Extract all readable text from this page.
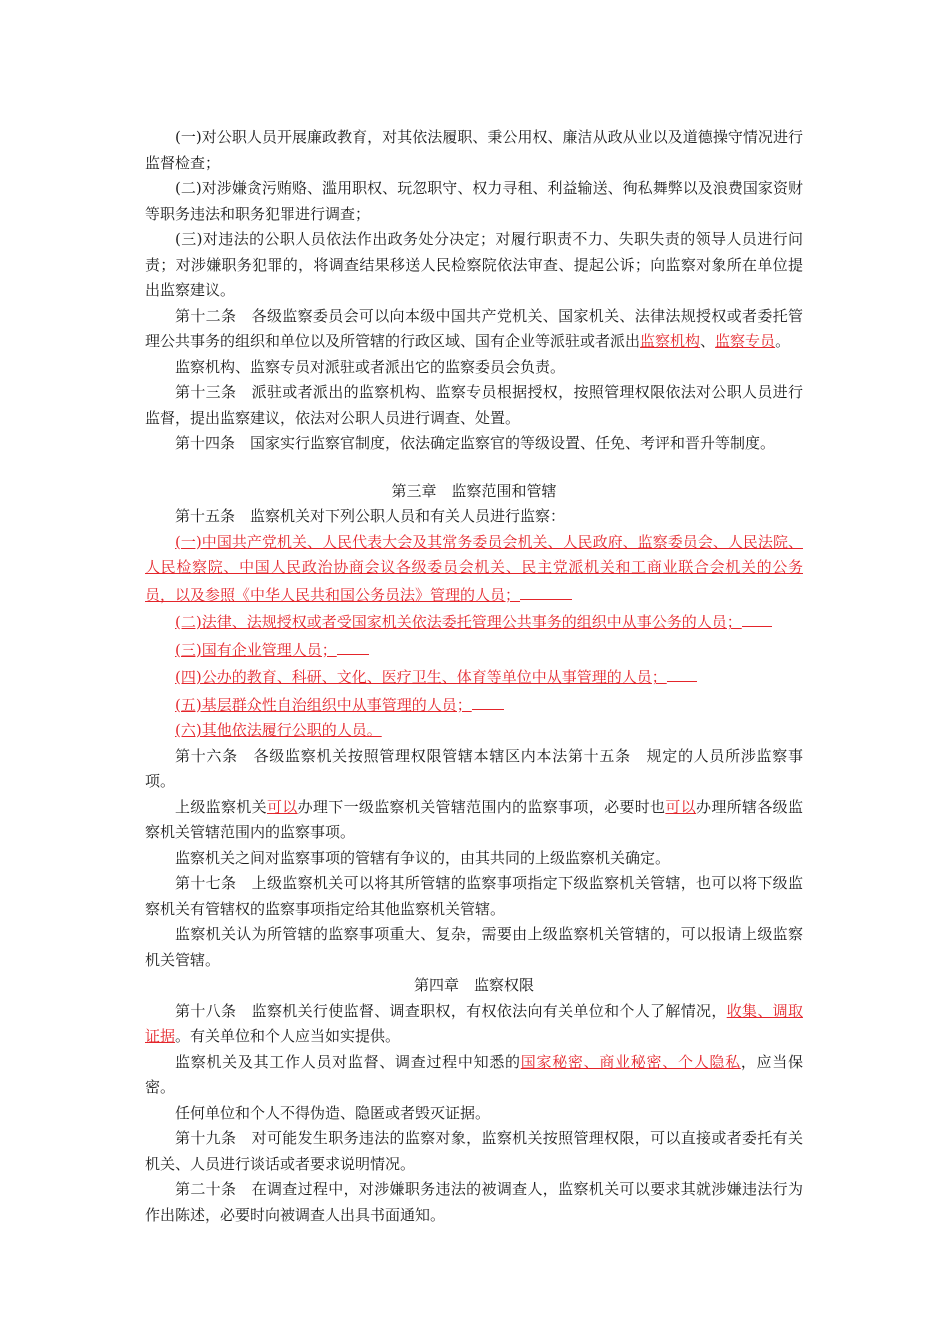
(一)对公职人员开展廉政教育，对其依法履职、秉公用权、廉洁从政从业以及道德操守情况进行监督检查；

(二)对涉嫌贪污贿赂、滥用职权、玩忽职守、权力寻租、利益输送、徇私舞弊以及浪费国家资财等职务违法和职务犯罪进行调查；

(三)对违法的公职人员依法作出政务处分决定；对履行职责不力、失职失责的领导人员进行问责；对涉嫌职务犯罪的，将调查结果移送人民检察院依法审查、提起公诉；向监察对象所在单位提出监察建议。

第十二条　各级监察委员会可以向本级中国共产党机关、国家机关、法律法规授权或者委托管理公共事务的组织和单位以及所管辖的行政区域、国有企业等派驻或者派出监察机构、监察专员。

监察机构、监察专员对派驻或者派出它的监察委员会负责。

第十三条　派驻或者派出的监察机构、监察专员根据授权，按照管理权限依法对公职人员进行监督，提出监察建议，依法对公职人员进行调查、处置。

第十四条　国家实行监察官制度，依法确定监察官的等级设置、任免、考评和晋升等制度。

第三章　监察范围和管辖

第十五条　监察机关对下列公职人员和有关人员进行监察：

(一)中国共产党机关、人民代表大会及其常务委员会机关、人民政府、监察委员会、人民法院、人民检察院、中国人民政治协商会议各级委员会机关、民主党派机关和工商业联合会机关的公务员，以及参照《中华人民共和国公务员法》管理的人员；

(二)法律、法规授权或者受国家机关依法委托管理公共事务的组织中从事公务的人员；

(三)国有企业管理人员；

(四)公办的教育、科研、文化、医疗卫生、体育等单位中从事管理的人员；

(五)基层群众性自治组织中从事管理的人员；

(六)其他依法履行公职的人员。

第十六条　各级监察机关按照管理权限管辖本辖区内本法第十五条　规定的人员所涉监察事项。

上级监察机关可以办理下一级监察机关管辖范围内的监察事项，必要时也可以办理所辖各级监察机关管辖范围内的监察事项。

监察机关之间对监察事项的管辖有争议的，由其共同的上级监察机关确定。

第十七条　上级监察机关可以将其所管辖的监察事项指定下级监察机关管辖，也可以将下级监察机关有管辖权的监察事项指定给其他监察机关管辖。

监察机关认为所管辖的监察事项重大、复杂，需要由上级监察机关管辖的，可以报请上级监察机关管辖。

第四章　监察权限

第十八条　监察机关行使监督、调查职权，有权依法向有关单位和个人了解情况，收集、调取证据。有关单位和个人应当如实提供。

监察机关及其工作人员对监督、调查过程中知悉的国家秘密、商业秘密、个人隐私，应当保密。

任何单位和个人不得伪造、隐匿或者毁灭证据。

第十九条　对可能发生职务违法的监察对象，监察机关按照管理权限，可以直接或者委托有关机关、人员进行谈话或者要求说明情况。

第二十条　在调查过程中，对涉嫌职务违法的被调查人，监察机关可以要求其就涉嫌违法行为作出陈述，必要时向被调查人出具书面通知。
